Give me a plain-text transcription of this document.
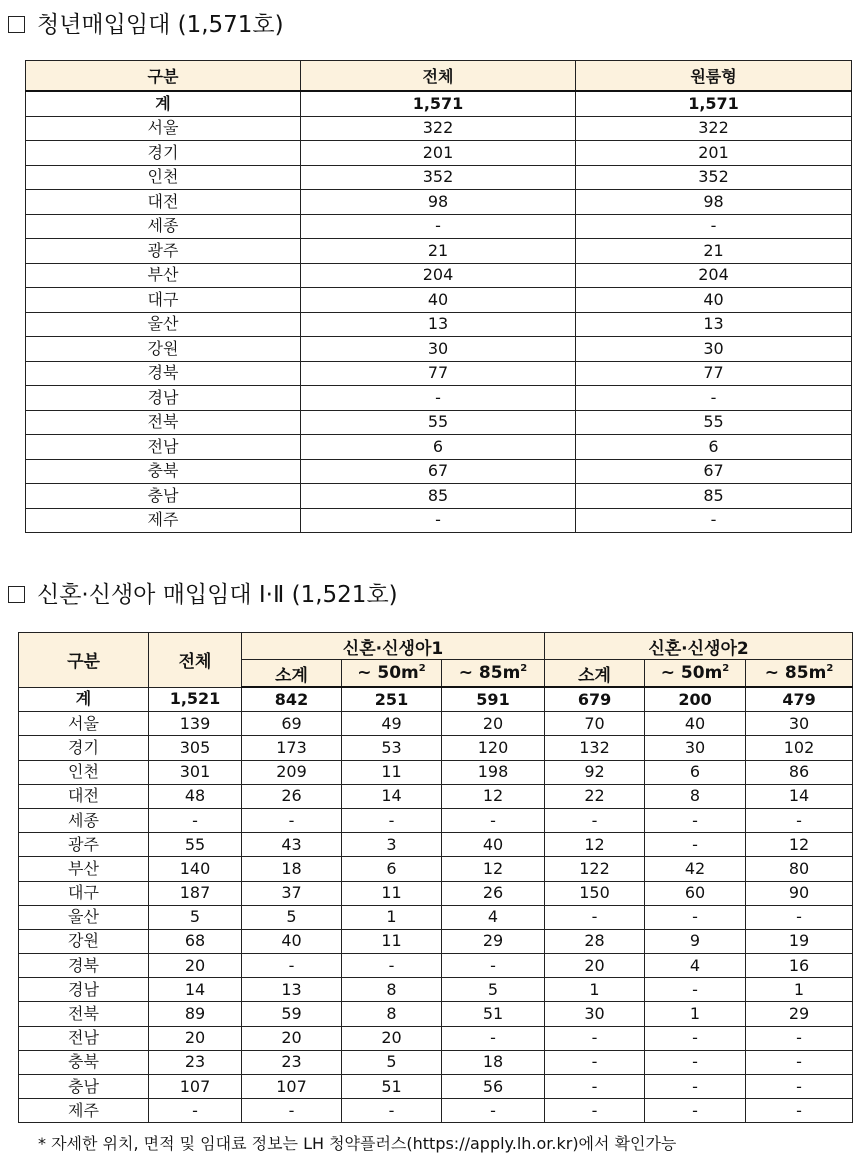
청년매입임대 (1,571호)
구분	전체	원룸형
계	1,571	1,571
서울	322	322
경기	201	201
인천	352	352
대전	98	98
세종	-	-
광주	21	21
부산	204	204
대구	40	40
울산	13	13
강원	30	30
경북	77	77
경남	-	-
전북	55	55
전남	6	6
충북	67	67
충남	85	85
제주	-	-
신혼·신생아 매입임대 Ⅰ·Ⅱ (1,521호)
구분	전체	신혼·신생아1			신혼·신생아2		
		소계	~ $50m^2$	~ $85m^2$	소계	~ $50m^2$	~ $85m^2$
계	1,521	842	251	591	679	200	479
서울	139	69	49	20	70	40	30
경기	305	173	53	120	132	30	102
인천	301	209	11	198	92	6	86
대전	48	26	14	12	22	8	14
세종	-	-	-	-	-	-	-
광주	55	43	3	40	12	-	12
부산	140	18	6	12	122	42	80
대구	187	37	11	26	150	60	90
울산	5	5	1	4	-	-	-
강원	68	40	11	29	28	9	19
경북	20	-	-	-	20	4	16
경남	14	13	8	5	1	-	1
전북	89	59	8	51	30	1	29
전남	20	20	20	-	-	-	-
충북	23	23	5	18	-	-	-
충남	107	107	51	56	-	-	-
제주	-	-	-	-	-	-	-
* 자세한 위치, 면적 및 임대료 정보는 LH 청약플러스(https://apply.lh.or.kr)에서 확인가능
